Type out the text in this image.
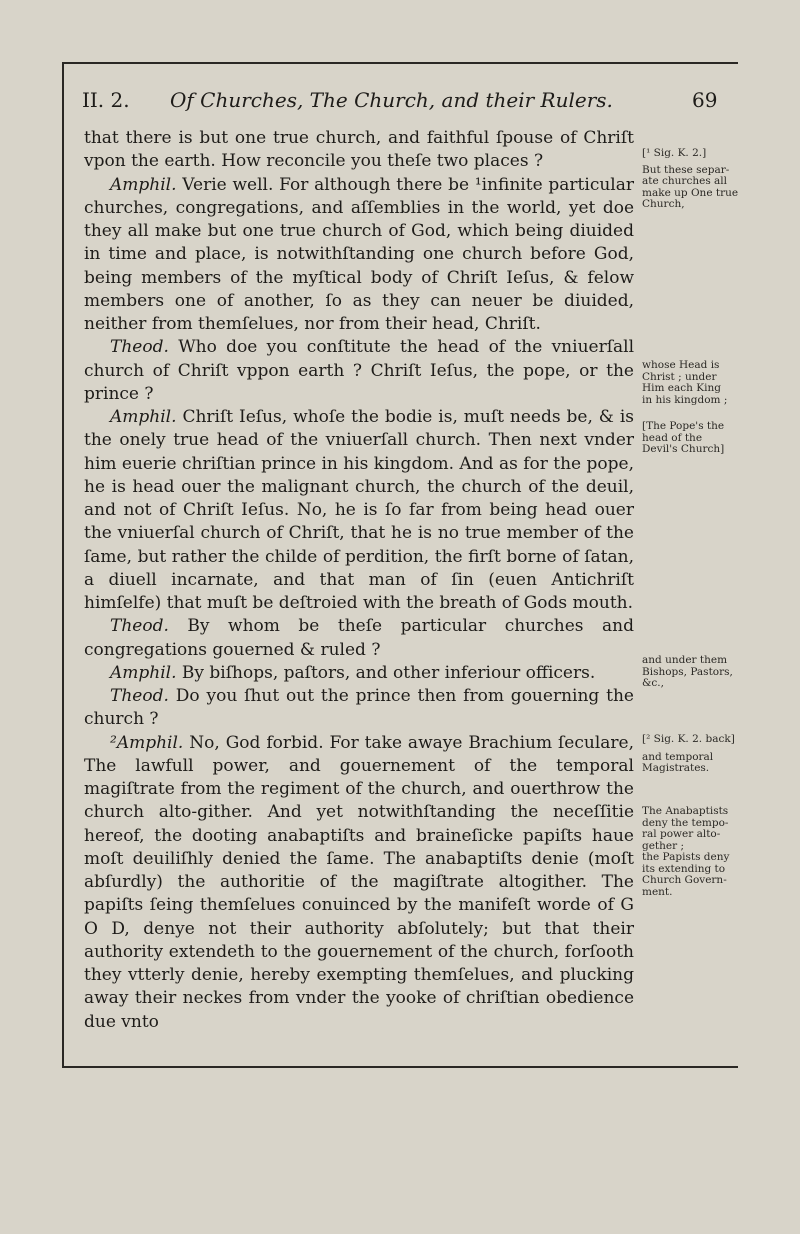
II. 2. Of Churches, The Church, and their Rulers.	69

that there is but one true church, and faithful ſpouse of Chriſt vpon the earth. How reconcile you theſe two places ?

Amphil. Verie well. For although there be ¹infinite particular churches, congregations, and aſſemblies in the world, yet doe they all make but one true church of God, which being diuided in time and place, is notwithſtanding one church before God, being members of the myſtical body of Chriſt Ieſus, & felow members one of another, ſo as they can neuer be diuided, neither from themſelues, nor from their head, Chriſt.

Theod. Who doe you conſtitute the head of the vniuerſall church of Chriſt vppon earth ? Chriſt Ieſus, the pope, or the prince ?

Amphil. Chriſt Ieſus, whoſe the bodie is, muſt needs be, & is the onely true head of the vniuerſall church. Then next vnder him euerie chriſtian prince in his kingdom. And as for the pope, he is head ouer the malignant church, the church of the deuil, and not of Chriſt Ieſus. No, he is ſo far from being head ouer the vniuerſal church of Chriſt, that he is no true member of the ſame, but rather the childe of perdition, the firſt borne of ſatan, a diuell incarnate, and that man of ſin (euen Antichriſt himſelfe) that muſt be deſtroied with the breath of Gods mouth.

Theod. By whom be theſe particular churches and congregations gouerned & ruled ?

Amphil. By biſhops, paſtors, and other inferiour officers.

Theod. Do you ſhut out the prince then from gouerning the church ?

²Amphil. No, God forbid. For take awaye Brachium ſeculare, The lawfull power, and gouernement of the temporal magiſtrate from the regiment of the church, and ouerthrow the church alto-gither. And yet notwithſtanding the neceſſitie hereof, the dooting anabaptiſts and braineſicke papiſts haue moſt deuiliſhly denied the ſame. The anabaptiſts denie (moſt abſurdly) the authoritie of the magiſtrate altogither. The papiſts ſeing themſelues conuinced by the manifeſt worde of G O D, denye not their authority abſolutely; but that their authority extendeth to the gouernement of the church, forſooth they vtterly denie, hereby exempting themſelues, and plucking away their neckes from vnder the yooke of chriſtian obedience due vnto

[¹ Sig. K. 2.]
But these separ-
ate churches all
make up One true
Church,
whose Head is
Christ ; under
Him each King
in his kingdom ;
[The Pope's the
head of the
Devil's Church]
and under them
Bishops, Pastors,
&c.,
[² Sig. K. 2. back]
and temporal
Magistrates.
The Anabaptists
deny the tempo-
ral power alto-
gether ;
the Papists deny
its extending to
Church Govern-
ment.
